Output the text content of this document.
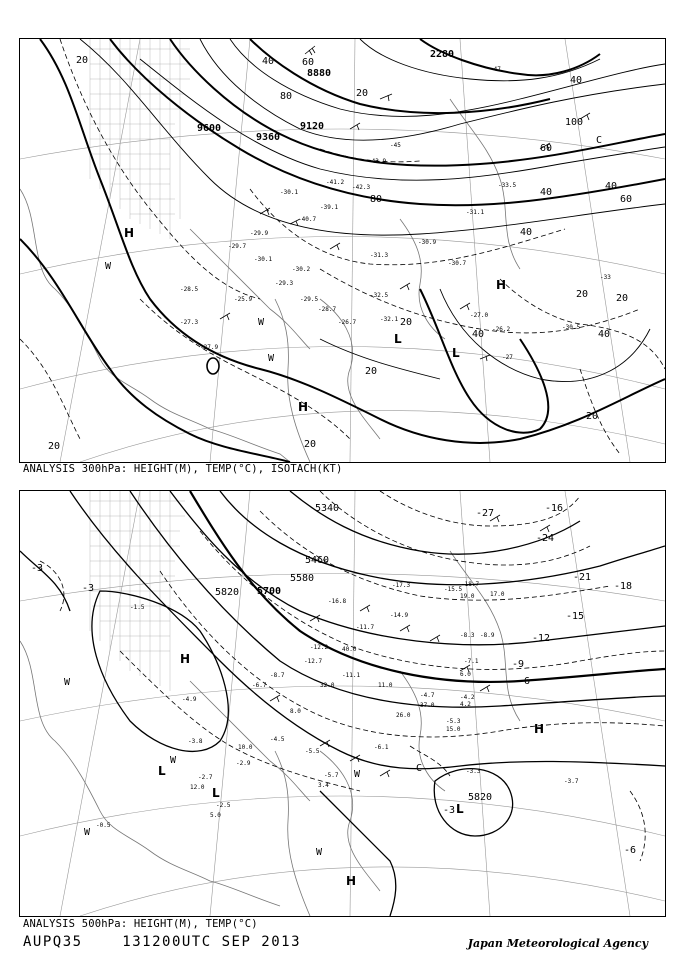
8880
9120
9360
9600
2280
20	40	60
80
100
20
60
40
40
40
60
40
80
20	20
40
40
20
20
20
20
20
-33.5
-31.1
-30.9
-31.3
-30.7
-29.9
-29.7
-30.1
-29.3
-30.2
-29.5
-26.7
-28.7
-27.9
-28.5
-27.3
-32.5
-32.1
-30.5
-43.9
-42.3
-41.2
-39.1
-40.7
-30.1
-25.9
-27.0
-26.2
-45
-47
-27
-33
H
H
H
L
L
W
W
W
C
ANALYSIS 300hPa: HEIGHT(M), TEMP(°C), ISOTACH(KT)
5340
5460
5580
5700
5820
5820
-27
-24
-21
-18
-15
-12
-9
-6
-3
-16
-3
-6
-3
-15.5
-18.7
-17.3
-16.8
-14.9
-11.7
-11.1
-12.2
-12.7
-8.7
-8.3 -8.9
-7.1
-6.1
-4.7	-4.2
-4.5
-5.5
-5.7
-2.5
-2.9
-2.7
-3.3
-3.7
-3.8
-4.9
-6.7
-5.3
-1.5
-0.5
6.0
4.2
17.0
19.0
15.0
26.0
37.0
40.0
32.0
12.0
10.0
11.0
8.0
5.0
3.4
H
H
H
L
L
L
W
W
W
W
W
C
ANALYSIS 500hPa: HEIGHT(M), TEMP(°C)
AUPQ35	131200UTC SEP 2013	Japan Meteorological Agency
